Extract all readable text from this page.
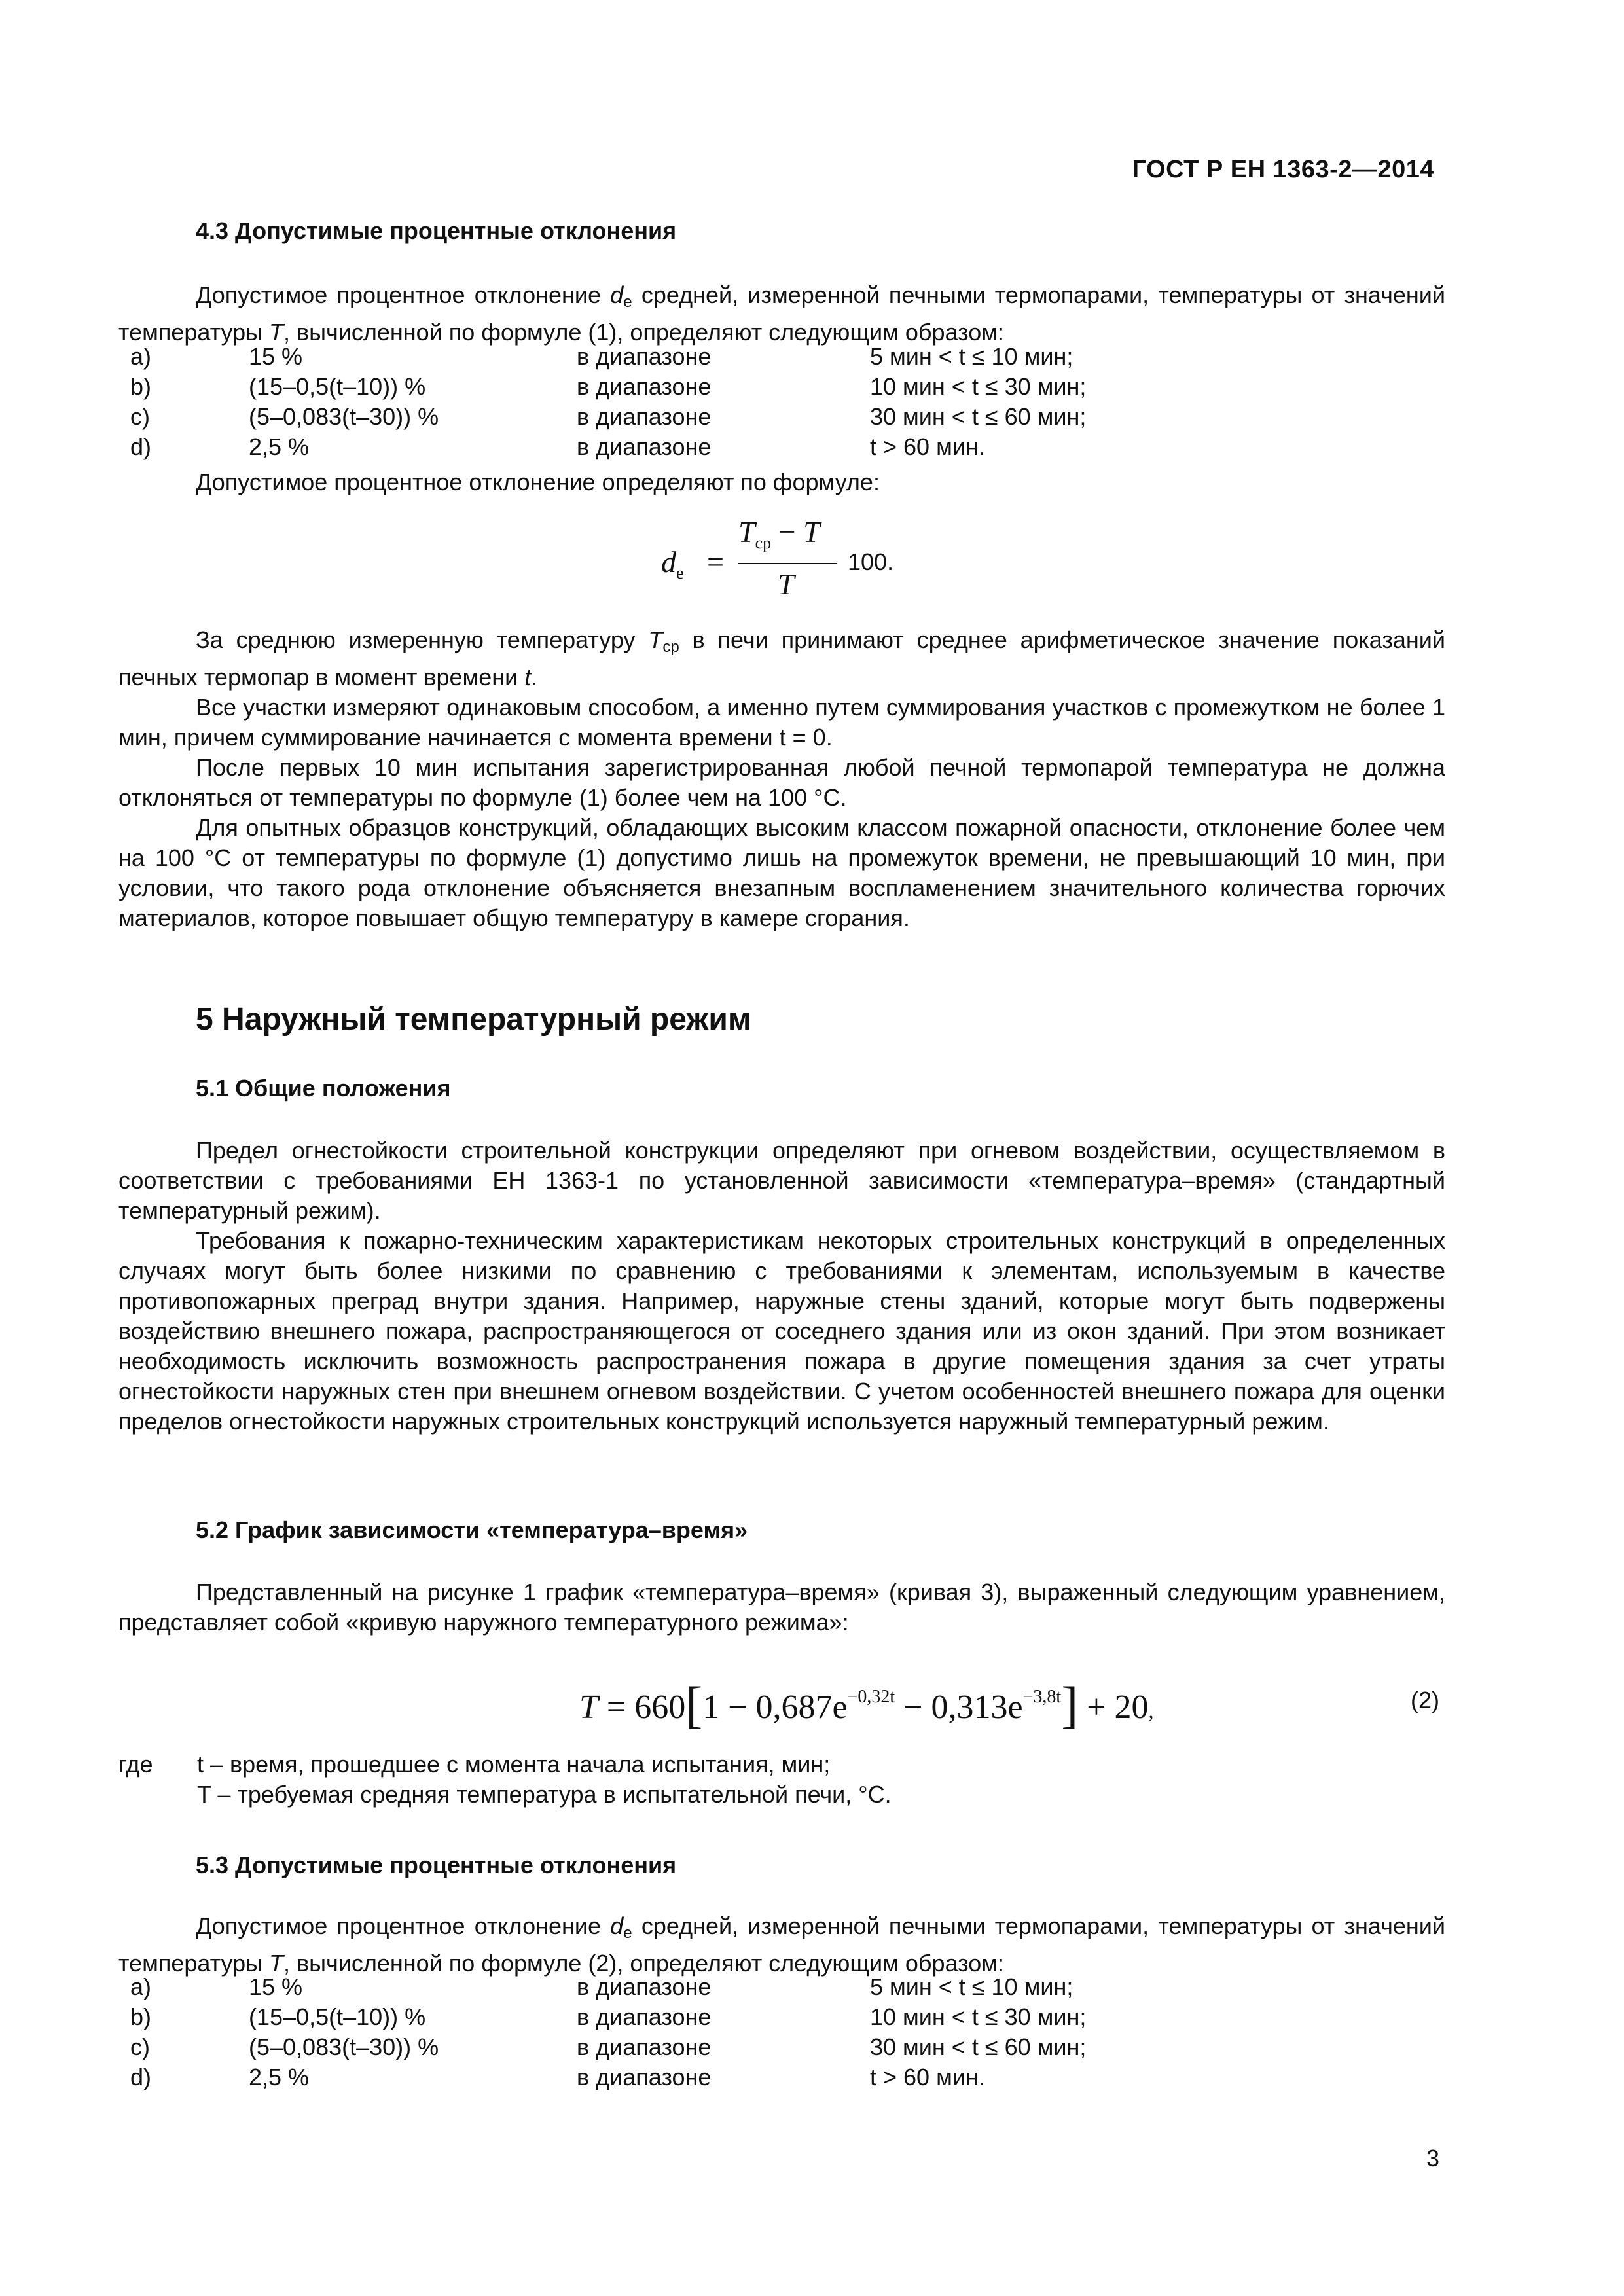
ГОСТ Р ЕН 1363-2—2014
4.3 Допустимые процентные отклонения

Допустимое процентное отклонение $d_e$ средней, измеренной печными термопарами, температуры от значений температуры T, вычисленной по формуле (1), определяют следующим образом:

a)	15 %	в диапазоне	5 мин < t ≤ 10 мин;
b)	(15–0,5(t–10)) %	в диапазоне	10 мин < t ≤ 30 мин;
c)	(5–0,083(t–30)) %	в диапазоне	30 мин < t ≤ 60 мин;
d)	2,5 %	в диапазоне	t > 60 мин.
Допустимое процентное отклонение определяют по формуле:
$d_e$ =
$T_{ср} - T$
T
100.

За среднюю измеренную температуру $T_{ср}$ в печи принимают среднее арифметическое значение показаний печных термопар в момент времени t.

Все участки измеряют одинаковым способом, а именно путем суммирования участков с промежутком не более 1 мин, причем суммирование начинается с момента времени t = 0.

После первых 10 мин испытания зарегистрированная любой печной термопарой температура не должна отклоняться от температуры по формуле (1) более чем на 100 °С.

Для опытных образцов конструкций, обладающих высоким классом пожарной опасности, отклонение более чем на 100 °С от температуры по формуле (1) допустимо лишь на промежуток времени, не превышающий 10 мин, при условии, что такого рода отклонение объясняется внезапным воспламенением значительного количества горючих материалов, которое повышает общую температуру в камере сгорания.

5 Наружный температурный режим
5.1 Общие положения

Предел огнестойкости строительной конструкции определяют при огневом воздействии, осуществляемом в соответствии с требованиями ЕН 1363-1 по установленной зависимости «температура–время» (стандартный температурный режим).

Требования к пожарно-техническим характеристикам некоторых строительных конструкций в определенных случаях могут быть более низкими по сравнению с требованиями к элементам, используемым в качестве противопожарных преград внутри здания. Например, наружные стены зданий, которые могут быть подвержены воздействию внешнего пожара, распространяющегося от соседнего здания или из окон зданий. При этом возникает необходимость исключить возможность распространения пожара в другие помещения здания за счет утраты огнестойкости наружных стен при внешнем огневом воздействии. С учетом особенностей внешнего пожара для оценки пределов огнестойкости наружных строительных конструкций используется наружный температурный режим.

5.2 График зависимости «температура–время»

Представленный на рисунке 1 график «температура–время» (кривая 3), выраженный следующим уравнением, представляет собой «кривую наружного температурного режима»:

$T = 660[1 - 0,687e^{-0,32t} - 0,313e^{-3,8t}] + 20$,	(2)
где	t – время, прошедшее с момента начала испытания, мин;
T – требуемая средняя температура в испытательной печи, °С.
5.3 Допустимые процентные отклонения

Допустимое процентное отклонение $d_e$ средней, измеренной печными термопарами, температуры от значений температуры T, вычисленной по формуле (2), определяют следующим образом:

a)	15 %	в диапазоне	5 мин < t ≤ 10 мин;
b)	(15–0,5(t–10)) %	в диапазоне	10 мин < t ≤ 30 мин;
c)	(5–0,083(t–30)) %	в диапазоне	30 мин < t ≤ 60 мин;
d)	2,5 %	в диапазоне	t > 60 мин.
3
